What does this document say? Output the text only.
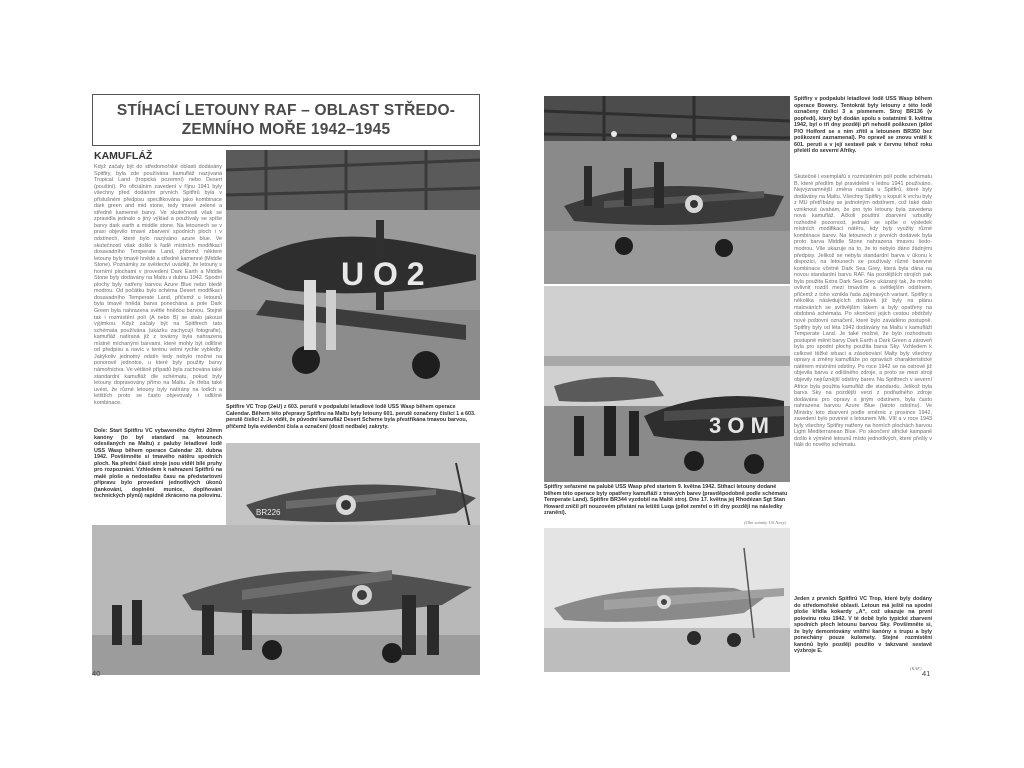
STÍHACÍ LETOUNY RAF – OBLAST STŘEDO-
ZEMNÍHO MOŘE 1942–1945
KAMUFLÁŽ

Když začaly být do středomořské oblasti dodávány Spitfiry, byla zde používána kamufláž nazývaná Tropical Land (tropická pozemní) nebo Desert (pouštní). Po oficiálním zavedení v říjnu 1941 byly všechny před dodáním prvních Spitfirů byla v příslušném předpisu specifikována jako kombinace dark green and mid stone, tedy tmavé zelené a středně kamenné barvy. Ve skutečnosti však se zpravidla jednalo o jiný výklad a používaly se spíše barvy dark earth a middle stone. Na letounech se v praxi objevilo tmavé zbarvení spodních ploch i v odstínech, které bylo nazýváno azure blue. Ve skutečnosti však došlo k řadě místních modifikací dosavadního Temperate Land, přičemž některé letouny byly tmavě hnědé a středně kamenné (Middle Stone). Poznámky ze svědectví uvádějí, že letouny s horními plochami v provedení Dark Earth a Middle Stone byly dodávány na Maltu v dubnu 1942. Spodní plochy byly natřeny barvou Azure Blue nebo bledě modrou. Od počátku bylo schéma Desert modifikací dosavadního Temperate Land, přičemž u letounů byla tmavě hnědá barva ponechána a pole Dark Green byla nahrazena světle hnědou barvou. Stejně tak i rozmístění polí (A nebo B) se stalo jakousi výjimkou. Když začaly být na Spitfirech tato schémata používána (ukázku zachycují fotografie), kamufláž natíraná již z továrny byla nahrazena místně míchanými barvami, které mohly být odlišné od předpisu a navíc v terénu velmi rychle vybledly. Jakýkoliv jednotný odstín tedy nebylo možné na ponorově jednotce, u které byly použity barvy námořnictva. Ve většině případů byla zachována také standardní kamufláž dle schématu, pokud byly letouny dopravovány přímo na Maltu. Je třeba také uvést, že různé letouny byly natírány na lodích a letištích proto se často objevovaly i odlišné kombinace.

Dole: Start Spitfiru VC vybaveného čtyřmi 20mm kanóny (to byl standard na letounech odesílaných na Maltu) z paluby letadlové lodě USS Wasp během operace Calendar 20. dubna 1942. Povšimněte si tmavého nátěru spodních ploch. Na přední části stroje jsou vidět bílé pruhy pro rozpoznání. Vzhledem k nahrazení Spitfirů na malé ploše a nedostatku času na předstartovní přípravu bylo provedení jednotlivých úkonů (tankování, doplnění munice, doplňování technických plynů) rapidně zkráceno na polovinu.

U O 2
Spitfire VC Trop (2♣U) z 603. peruťě v podpalubí letadlové lodě USS Wasp během operace Calendar. Během této přepravy Spitfiru na Maltu byly letouny 601. perutě označeny číslicí 1 a 603. perutě číslicí 2. Je vidět, že původní kamufláž Desert Scheme byla přestříkána tmavou barvou, přičemž byla evidenční čísla a označení (dosti nedbale) zakryty.
BR226
40

Spitfiry v podpalubí letadlové lodě USS Wasp během operace Bowery. Tentokrát byly letouny z této lodě označeny číslicí 3 a písmenem. Stroj BR136 (v popředí), který byl dodán spolu s ostatními 9. května 1942, byl o tři dny později při nehodě poškozen (pilot P/O Holford se s ním zřítil a letounem BR350 bez poškození zaznamenal). Po opravě se znovu vrátil k 601. peruti a v její sestavě pak v červnu téhož roku přelétl do severní Afriky.

Skutečně i exemplářů s rozmístěním polí podle schématu B, které předtím byl pravidelně v lednu 1941 používáno. Nejvýznamnější změna nastala u Spitfirů, které byly dodávány na Maltu. Všechny Spitfiry s kopulí k vrchu byly z MU přetříbány se jednotným odstínem, což také dalo vzniknout úvahám, že pro tyto letouny byla zavedena nová kamufláž. Ačkoli pouštní zbarvení vzbudily rozhodně pozornost, jednalo se spíše o výsledek místních modifikací nátěru, kdy byly využity různé kombinace barev. Na letounech z prvních dodávek byla proto barva Middle Stone nahrazena tmavou šedo-modrou. Vše ukazuje na to, že to nebylo dáno žádnými předpisy. Jelikož se nebyla standardní barva v úkonu k dispozici, na letounech se používaly různé barevné kombinace včetně Dark Sea Grey, která byla dána na novou standardní barvu RAF. Na pozdějších strojích pak byla použita Extra Dark Sea Grey ukázaný tak, že mohlo ovlivnit rozdíl mezi tmavším a světlejším odstínem, přičemž z toho vznikla řada zajímavých variant. Spitfiry s několika následujících dodávek již byly na plánu malováních se svítivějším lakem a byly opatřeny na obdobná schémata. Po skončení jejich cestou obdržely nové poštovní označení, které bylo zaváděno postupně. Spitfiry byly od léta 1942 dodávány na Maltu v kamufláži Temperate Land. Je také možné, že bylo rozhodnuto postupně měnit barvy Dark Earth a Dark Green a zároveň byla pro spodní plochy použita barva Sky. Vzhledem k celkové těžké situaci a zásobování Malty byly všechny opravy a změny kamufláže po opravách charakteristické nátěrem místními odstíny. Po roce 1942 se na ostrově již objevila barva z odlišného zdroje, a proto se mezi stroji objevily nejrůznější odstíny barev. Na Spitfirech v severní Africe byla použita kamufláž dle standardu. Jelikož byla barva Sky na pozdější verzi z podřadného zdroje dodávána pro opravy s jiným odstínem, byla často nahrazena barvou Azure Blue (tatoto odstínu). Ve Ministry toto zbarvení podle směrnic z prosince 1942, zavedení bylo povinné s letounem Mk. VIII a v roce 1943 byly všechny Spitfiry natřeny na horních plochách barvou Light Mediterranean Blue. Po skončení africké kampaně došlo k výměně letounů místo jednotlivých, které přešly v Itálii do nového schématu.

3 O M
Spitfiry seřazené na palubě USS Wasp před startem 9. května 1942. Stíhací letouny dodané během této operace byly opatřeny kamufláží z tmavých barev (pravděpodobně podle schématu Temperate Land). Spitfire BR344 vyzdobil na Maltě stroj. Dne 17. května jej Rhodézan Sgt Stan Howard zničil při nouzovém přistání na letišti Luqa (pilot zemřel o tři dny později na následky zranění).
(Oba snímky US Navy)

Jeden z prvních Spitfirů VC Trop, které byly dodány do středomořské oblasti. Letoun má ještě na spodní ploše křídla kokardy „A“, což ukazuje na první polovinu roku 1942. V té době bylo typické zbarvení spodních ploch letounu barvou Sky. Povšimněte si, že byly demontovány vnitřní kanóny s trupu a byly ponechány pouze kulomety. Stejné rozmístění kanónů bylo později použito v takzvané sestavě výzbroje E.

(RAF)
41
